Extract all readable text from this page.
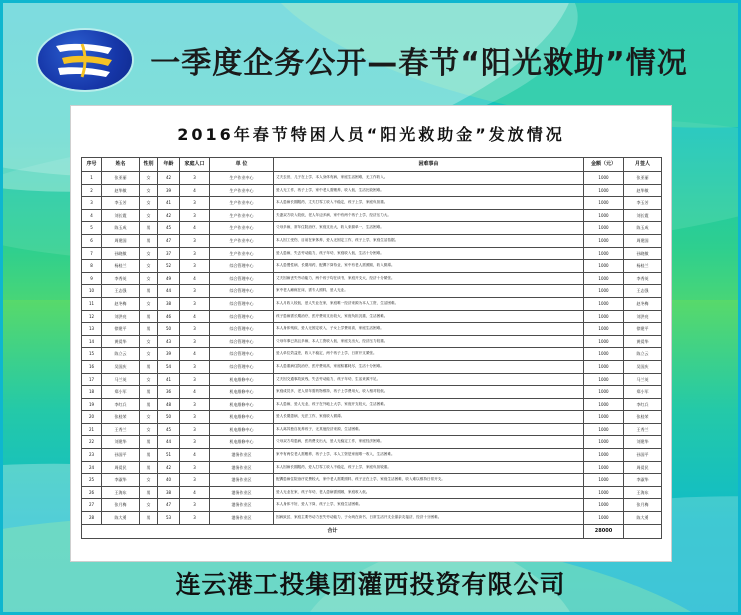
一季度企务公开—春节“阳光救助”情况
2016年春节特困人员“阳光救助金”发放情况
序号	姓名	性别	年龄	家庭人口	单 位	困难事由	金额（元）	月签人
1	张亚丽	女	42	3	生产作业中心	丈夫去世，儿子在上学，本人身体有病，家庭生活困难，无工作收入。	1000	张亚丽
2	赵华敏	女	39	4	生产作业中心	爱人无工作，孩子上学，家中老人需赡养，收入低，生活比较困难。	1000	赵华敏
3	李玉芳	女	41	3	生产作业中心	本人患病长期服药，丈夫打零工收入不稳定，孩子上学，家庭负担重。	1000	李玉芳
4	刘长霞	女	42	3	生产作业中心	夫妻双方收入较低，老人年迈多病，家中有两个孩子上学，经济压力大。	1000	刘长霞
5	陈玉成	男	45	4	生产作业中心	父母多病，常年住院治疗，家庭支出大，收入来源单一，生活困难。	1000	陈玉成
6	周建国	男	47	3	生产作业中心	本人因工受伤，目前在家休养，爱人无固定工作，孩子上学，家庭生活拮据。	1000	周建国
7	孙晓敏	女	37	3	生产作业中心	爱人患病，失去劳动能力，孩子年幼，家庭收入低，生活十分困难。	1000	孙晓敏
8	杨桂兰	女	52	3	综合管理中心	本人患慢性病，长期用药，配偶下岗待业，家中有老人需照顾，收入微薄。	1000	杨桂兰
9	李秀英	女	49	4	综合管理中心	丈夫因病丧失劳动能力，两个孩子均在读书，家庭开支大，经济十分紧张。	1000	李秀英
10	王志强	男	44	3	综合管理中心	家中老人瘫痪在床，需专人照料，爱人无业。	1000	王志强
11	赵冬梅	女	38	3	综合管理中心	本人月收入较低，爱人失业在家，家庭唯一经济来源为本人工资，生活困难。	1000	赵冬梅
12	刘洪亮	男	46	4	综合管理中心	孩子患病需长期治疗，医疗费用支出较大，家庭负担沉重，生活困难。	1000	刘洪亮
13	徐建平	男	50	3	综合管理中心	本人身体残疾，爱人无固定收入，子女上学费用高，家庭生活困难。	1000	徐建平
14	黄爱华	女	43	3	综合管理中心	父母年事已高且多病，本人工资收入低，家庭支出大，经济压力较重。	1000	黄爱华
15	陈立云	女	39	4	综合管理中心	爱人单位效益差，收入不稳定，两个孩子上学，日常开支紧张。	1000	陈立云
16	吴国庆	男	54	3	综合管理中心	本人患重病住院治疗，医疗费用高，家庭积蓄耗尽，生活十分困难。	1000	吴国庆
17	马兰英	女	41	3	机电维修中心	丈夫因交通事故致残，失去劳动能力，孩子年幼，生活来源不足。	1000	马兰英
18	郑小军	男	36	4	机电维修中心	家庭成员多，老人常年需药物维持，孩子上学费用大，收入相对较低。	1000	郑小军
19	李红兵	男	48	3	机电维修中心	本人患病，爱人无业，孩子在外地上大学，家庭开支较大，生活困难。	1000	李红兵
20	张桂荣	女	50	3	机电维修中心	爱人长期患病，无法工作，家庭收入微薄。	1000	张桂荣
21	王秀兰	女	45	3	机电维修中心	本人离异独自抚养孩子，无其他经济来源，生活困难。	1000	王秀兰
22	刘建华	男	44	3	机电维修中心	父母双方均患病，医药费支出大，爱人无稳定工作，家庭经济困难。	1000	刘建华
23	孙国平	男	51	4	港务作业区	家中有两位老人需赡养，孩子上学，本人工资是家庭唯一收入，生活困难。	1000	孙国平
24	周爱民	男	42	3	港务作业区	本人因病长期服药，爱人打零工收入不稳定，孩子上学，家庭负担较重。	1000	周爱民
25	李淑华	女	40	3	港务作业区	配偶患病住院治疗花费较大，家中老人需要照料，孩子正在上学，家庭生活困难，收入难以维持日常开支。	1000	李淑华
26	王海东	男	38	4	港务作业区	爱人无业在家，孩子年幼，老人患病需照顾，家庭收入低。	1000	王海东
27	张月梅	女	47	3	港务作业区	本人身体不好，爱人下岗，孩子上学，家庭生活困难。	1000	张月梅
28	陈大勇	男	53	3	港务作业区	因病致贫，家庭主要劳动力丧失劳动能力，子女尚在读书，日常生活开支全靠亲友接济，经济十分困难。	1000	陈大勇
合计							28000	
连云港工投集团灌西投资有限公司
